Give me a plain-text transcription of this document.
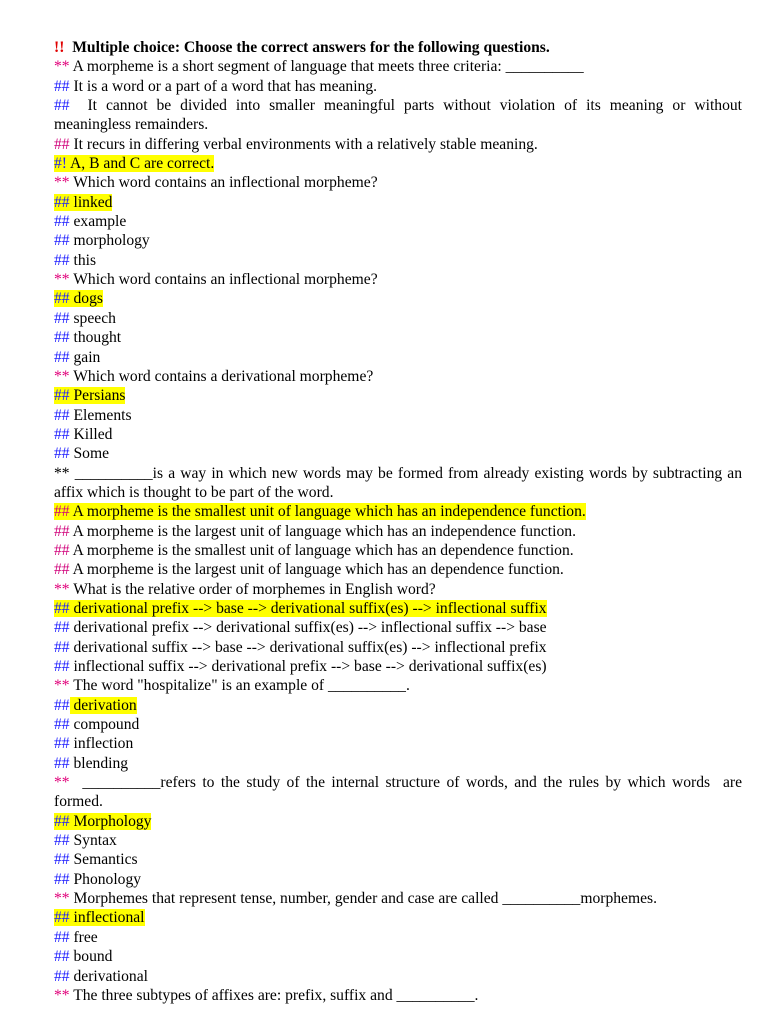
!!  Multiple choice: Choose the correct answers for the following questions.
** A morpheme is a short segment of language that meets three criteria: __________
## It is a word or a part of a word that has meaning.
##  It cannot be divided into smaller meaningful parts without violation of its meaning or without meaningless remainders.
## It recurs in differing verbal environments with a relatively stable meaning.
#! A, B and C are correct.
** Which word contains an inflectional morpheme?
## linked
## example
## morphology
## this
** Which word contains an inflectional morpheme?
## dogs
## speech
## thought
## gain
** Which word contains a derivational morpheme?
## Persians
## Elements
## Killed
## Some
** __________is a way in which new words may be formed from already existing words by subtracting an affix which is thought to be part of the word.
## A morpheme is the smallest unit of language which has an independence function.
## A morpheme is the largest unit of language which has an independence function.
## A morpheme is the smallest unit of language which has an dependence function.
## A morpheme is the largest unit of language which has an dependence function.
** What is the relative order of morphemes in English word?
## derivational prefix --> base --> derivational suffix(es) --> inflectional suffix
## derivational prefix --> derivational suffix(es) --> inflectional suffix --> base
## derivational suffix --> base --> derivational suffix(es) --> inflectional prefix
## inflectional suffix --> derivational prefix --> base --> derivational suffix(es)
** The word "hospitalize" is an example of __________.
## derivation
## compound
## inflection
## blending
**  __________refers to the study of the internal structure of words, and the rules by which words  are formed.
## Morphology
## Syntax
## Semantics
## Phonology
** Morphemes that represent tense, number, gender and case are called __________morphemes.
## inflectional
## free
## bound
## derivational
** The three subtypes of affixes are: prefix, suffix and __________.
